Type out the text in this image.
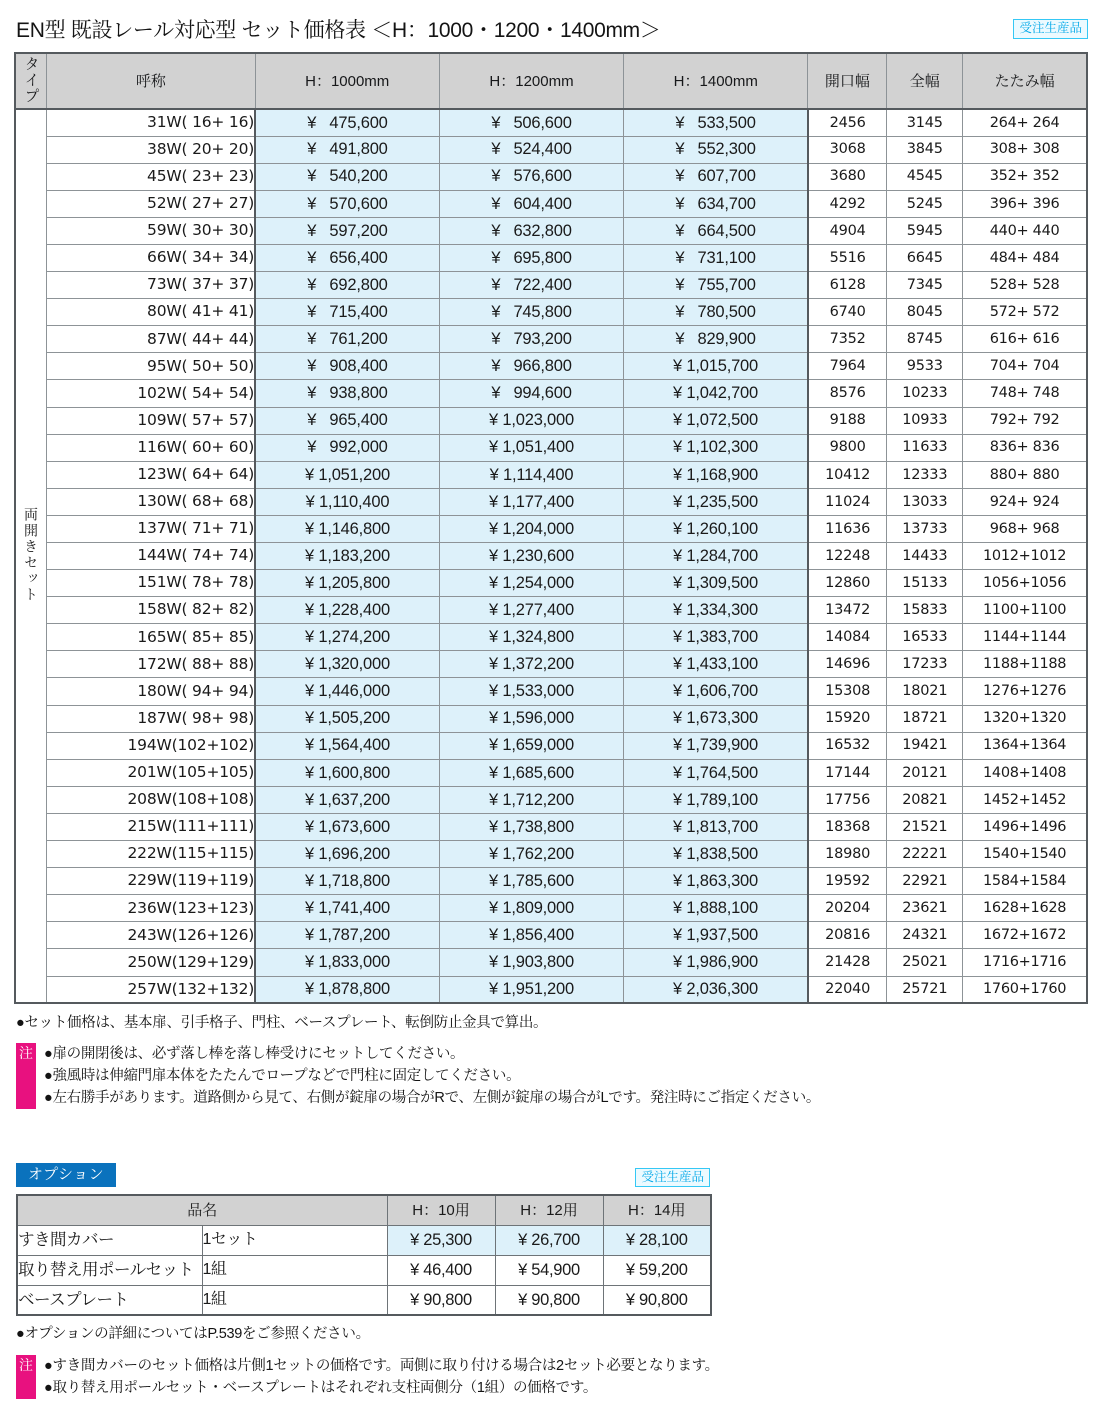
EN型 既設レール対応型 セット価格表 ＜H：1000・1200・1400mm＞	受注生産品
タイプ	呼称	H：1000mm	H：1200mm	H：1400mm	開口幅	全幅	たたみ幅
両開きセット	31W( 16+ 16)	¥   475,600	¥   506,600	¥   533,500	2456	3145	264+ 264
	38W( 20+ 20)	¥   491,800	¥   524,400	¥   552,300	3068	3845	308+ 308
	45W( 23+ 23)	¥   540,200	¥   576,600	¥   607,700	3680	4545	352+ 352
	52W( 27+ 27)	¥   570,600	¥   604,400	¥   634,700	4292	5245	396+ 396
	59W( 30+ 30)	¥   597,200	¥   632,800	¥   664,500	4904	5945	440+ 440
	66W( 34+ 34)	¥   656,400	¥   695,800	¥   731,100	5516	6645	484+ 484
	73W( 37+ 37)	¥   692,800	¥   722,400	¥   755,700	6128	7345	528+ 528
	80W( 41+ 41)	¥   715,400	¥   745,800	¥   780,500	6740	8045	572+ 572
	87W( 44+ 44)	¥   761,200	¥   793,200	¥   829,900	7352	8745	616+ 616
	95W( 50+ 50)	¥   908,400	¥   966,800	¥ 1,015,700	7964	9533	704+ 704
	102W( 54+ 54)	¥   938,800	¥   994,600	¥ 1,042,700	8576	10233	748+ 748
	109W( 57+ 57)	¥   965,400	¥ 1,023,000	¥ 1,072,500	9188	10933	792+ 792
	116W( 60+ 60)	¥   992,000	¥ 1,051,400	¥ 1,102,300	9800	11633	836+ 836
	123W( 64+ 64)	¥ 1,051,200	¥ 1,114,400	¥ 1,168,900	10412	12333	880+ 880
	130W( 68+ 68)	¥ 1,110,400	¥ 1,177,400	¥ 1,235,500	11024	13033	924+ 924
	137W( 71+ 71)	¥ 1,146,800	¥ 1,204,000	¥ 1,260,100	11636	13733	968+ 968
	144W( 74+ 74)	¥ 1,183,200	¥ 1,230,600	¥ 1,284,700	12248	14433	1012+1012
	151W( 78+ 78)	¥ 1,205,800	¥ 1,254,000	¥ 1,309,500	12860	15133	1056+1056
	158W( 82+ 82)	¥ 1,228,400	¥ 1,277,400	¥ 1,334,300	13472	15833	1100+1100
	165W( 85+ 85)	¥ 1,274,200	¥ 1,324,800	¥ 1,383,700	14084	16533	1144+1144
	172W( 88+ 88)	¥ 1,320,000	¥ 1,372,200	¥ 1,433,100	14696	17233	1188+1188
	180W( 94+ 94)	¥ 1,446,000	¥ 1,533,000	¥ 1,606,700	15308	18021	1276+1276
	187W( 98+ 98)	¥ 1,505,200	¥ 1,596,000	¥ 1,673,300	15920	18721	1320+1320
	194W(102+102)	¥ 1,564,400	¥ 1,659,000	¥ 1,739,900	16532	19421	1364+1364
	201W(105+105)	¥ 1,600,800	¥ 1,685,600	¥ 1,764,500	17144	20121	1408+1408
	208W(108+108)	¥ 1,637,200	¥ 1,712,200	¥ 1,789,100	17756	20821	1452+1452
	215W(111+111)	¥ 1,673,600	¥ 1,738,800	¥ 1,813,700	18368	21521	1496+1496
	222W(115+115)	¥ 1,696,200	¥ 1,762,200	¥ 1,838,500	18980	22221	1540+1540
	229W(119+119)	¥ 1,718,800	¥ 1,785,600	¥ 1,863,300	19592	22921	1584+1584
	236W(123+123)	¥ 1,741,400	¥ 1,809,000	¥ 1,888,100	20204	23621	1628+1628
	243W(126+126)	¥ 1,787,200	¥ 1,856,400	¥ 1,937,500	20816	24321	1672+1672
	250W(129+129)	¥ 1,833,000	¥ 1,903,800	¥ 1,986,900	21428	25021	1716+1716
	257W(132+132)	¥ 1,878,800	¥ 1,951,200	¥ 2,036,300	22040	25721	1760+1760
●セット価格は、基本扉、引手格子、門柱、ベースプレート、転倒防止金具で算出。
注 ●扉の開閉後は、必ず落し棒を落し棒受けにセットしてください。
●強風時は伸縮門扉本体をたたんでロープなどで門柱に固定してください。
●左右勝手があります。道路側から見て、右側が錠扉の場合がRで、左側が錠扉の場合がLです。発注時にご指定ください。
オプション	受注生産品
品名		H：10用	H：12用	H：14用
すき間カバー	1セット	¥ 25,300	¥ 26,700	¥ 28,100
取り替え用ポールセット	1組	¥ 46,400	¥ 54,900	¥ 59,200
ベースプレート	1組	¥ 90,800	¥ 90,800	¥ 90,800
●オプションの詳細についてはP.539をご参照ください。
注 ●すき間カバーのセット価格は片側1セットの価格です。両側に取り付ける場合は2セット必要となります。
●取り替え用ポールセット・ベースプレートはそれぞれ支柱両側分（1組）の価格です。
